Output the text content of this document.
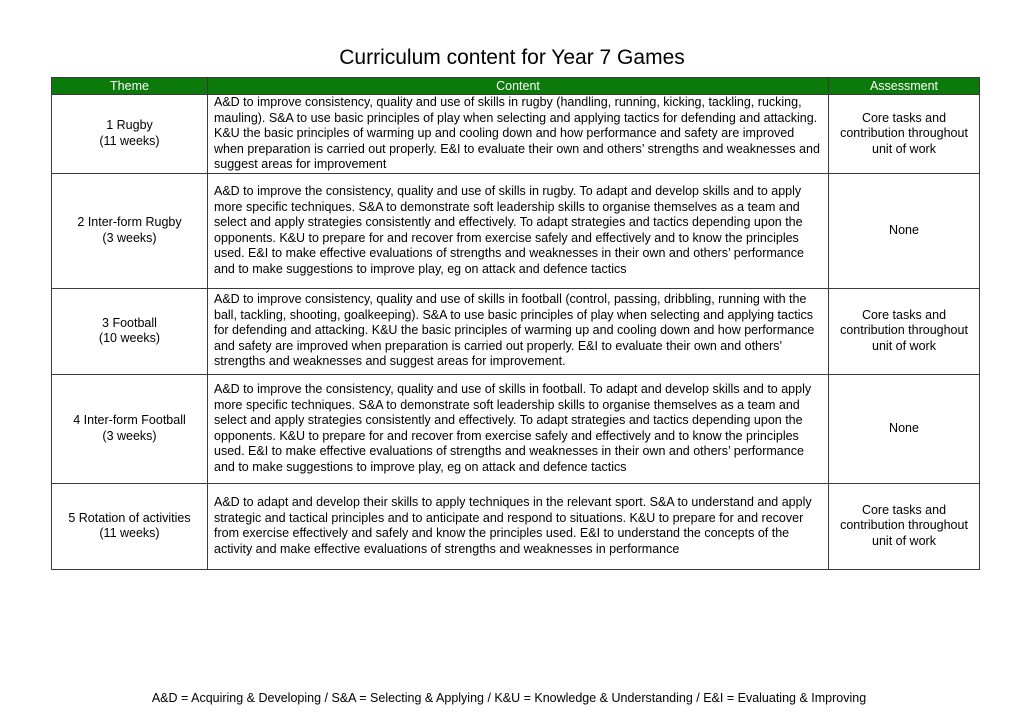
Curriculum content for Year 7 Games
Theme	Content	Assessment

1 Rugby
(11 weeks)	A&D to improve consistency, quality and use of skills in rugby (handling, running, kicking, tackling, rucking, mauling). S&A to use basic principles of play when selecting and applying tactics for defending and attacking. K&U the basic principles of warming up and cooling down and how performance and safety are improved when preparation is carried out properly. E&I to evaluate their own and others’ strengths and weaknesses and suggest areas for improvement	Core tasks and contribution throughout unit of work

2 Inter-form Rugby
(3 weeks)	A&D to improve the consistency, quality and use of skills in rugby. To adapt and develop skills and to apply more specific techniques. S&A to demonstrate soft leadership skills to organise themselves as a team and select and apply strategies consistently and effectively. To adapt strategies and tactics depending upon the opponents. K&U to prepare for and recover from exercise safely and effectively and to know the principles used. E&I to make effective evaluations of strengths and weaknesses in their own and others’ performance and to make suggestions to improve play, eg on attack and defence tactics	None

3 Football
(10 weeks)	A&D to improve consistency, quality and use of skills in football (control, passing, dribbling, running with the ball, tackling, shooting, goalkeeping). S&A to use basic principles of play when selecting and applying tactics for defending and attacking. K&U the basic principles of warming up and cooling down and how performance and safety are improved when preparation is carried out properly. E&I to evaluate their own and others’ strengths and weaknesses and suggest areas for improvement.	Core tasks and contribution throughout unit of work

4 Inter-form Football
(3 weeks)	A&D to improve the consistency, quality and use of skills in football. To adapt and develop skills and to apply more specific techniques. S&A to demonstrate soft leadership skills to organise themselves as a team and select and apply strategies consistently and effectively. To adapt strategies and tactics depending upon the opponents. K&U to prepare for and recover from exercise safely and effectively and to know the principles used. E&I to make effective evaluations of strengths and weaknesses in their own and others’ performance and to make suggestions to improve play, eg on attack and defence tactics	None

5 Rotation of activities
(11 weeks)	A&D to adapt and develop their skills to apply techniques in the relevant sport. S&A to understand and apply strategic and tactical principles and to anticipate and respond to situations. K&U to prepare for and recover from exercise effectively and safely and know the principles used. E&I to understand the concepts of the activity and make effective evaluations of strengths and weaknesses in performance	Core tasks and contribution throughout unit of work
A&D = Acquiring & Developing / S&A = Selecting & Applying / K&U = Knowledge & Understanding / E&I = Evaluating & Improving
